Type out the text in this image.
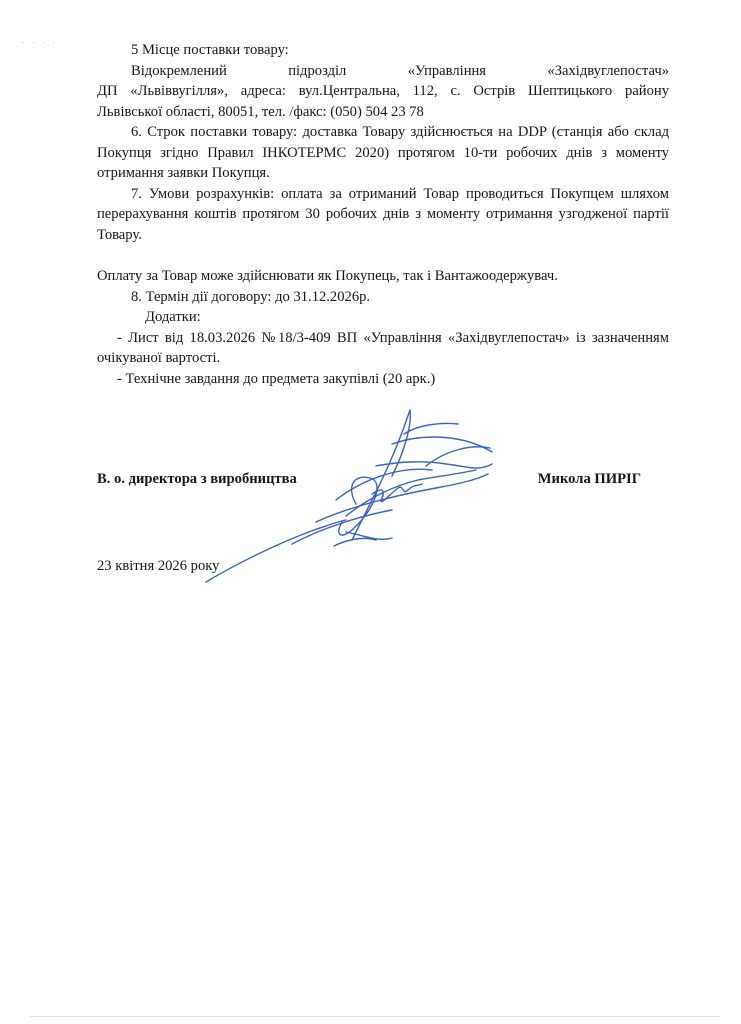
· · · ·	5 Місце поставки товару:

Відокремлений підрозділ «Управління «Західвуглепостач»

ДП «Львіввугілля», адреса: вул.Центральна, 112, с. Острів Шептицького району

Львівської області, 80051, тел. /факс: (050) 504 23 78

6. Строк поставки товару: доставка Товару здійснюється на DDP (станція або склад Покупця згідно Правил ІНКОТЕРМС 2020) протягом 10-ти робочих днів з моменту отримання заявки Покупця.

7. Умови розрахунків: оплата за отриманий Товар проводиться Покупцем шляхом перерахування коштів протягом 30 робочих днів з моменту отримання узгодженої партії Товару.

Оплату за Товар може здійснювати як Покупець, так і Вантажоодержувач.

8. Термін дії договору: до 31.12.2026р.

Додатки:

- Лист від 18.03.2026 №18/3-409 ВП «Управління «Західвуглепостач» із зазначенням очікуваної вартості.

- Технічне завдання до предмета закупівлі (20 арк.)

В. о. директора з виробництва	Микола ПИРІГ
23 квітня 2026 року
